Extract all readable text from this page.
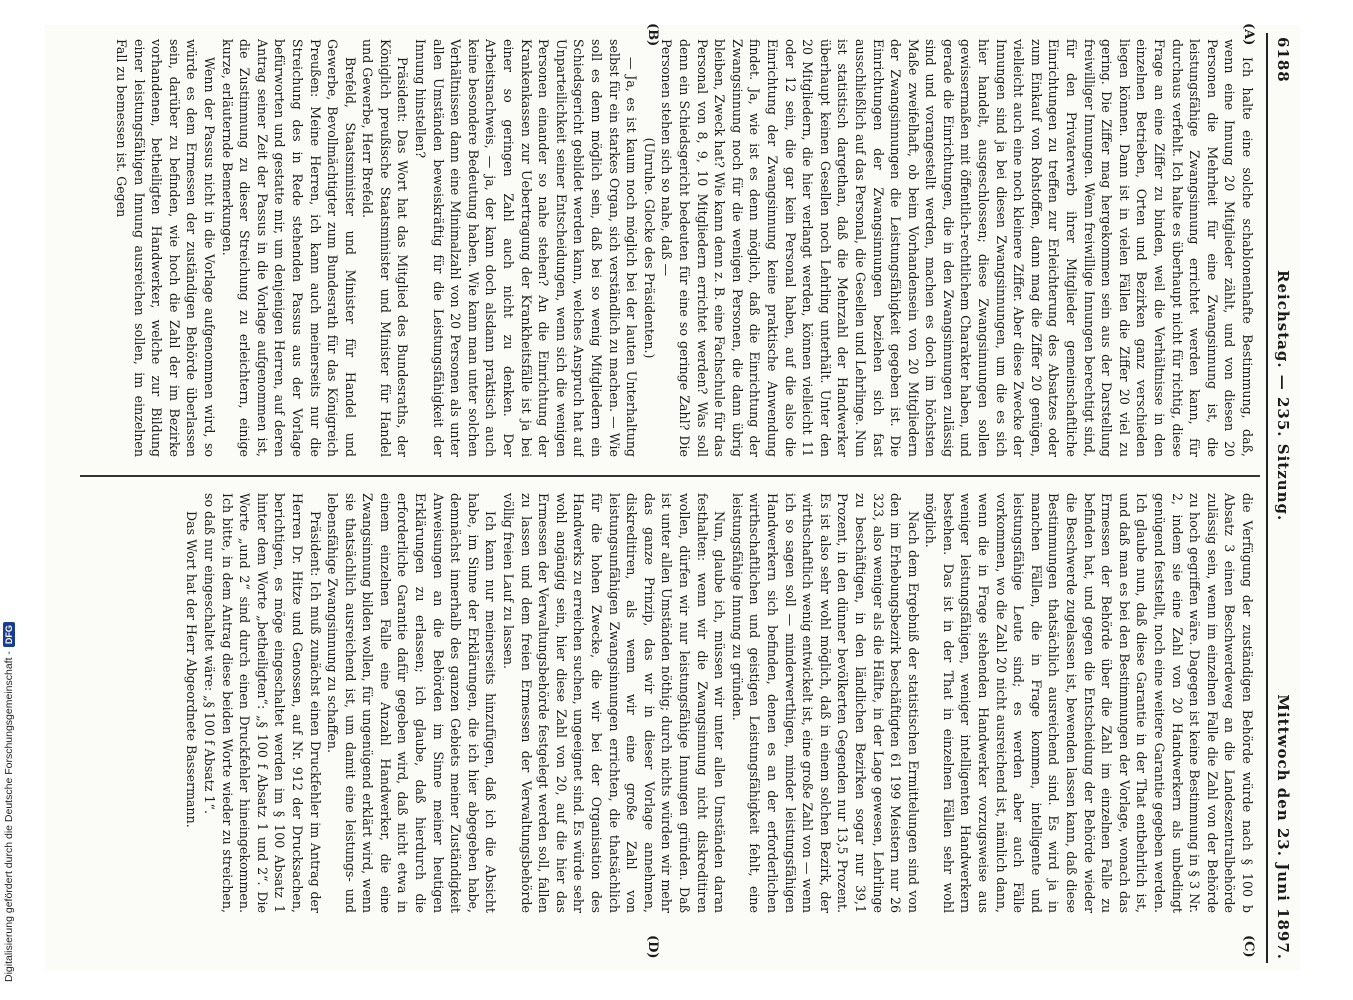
6188
Reichstag. — 235. Sitzung.
Mittwoch den 23. Juni 1897.
(A)
(B)
(C)
(D)

Ich halte eine solche schablonenhafte Bestimmung, daß, wenn eine Innung 20 Mitglieder zählt, und von diesen 20 Personen die Mehrheit für eine Zwangsinnung ist, die leistungsfähige Zwangsinnung errichtet werden kann, für durchaus verfehlt. Ich halte es überhaupt nicht für richtig, diese Frage an eine Ziffer zu binden, weil die Verhältnisse in den einzelnen Betrieben, Orten und Bezirken ganz verschieden liegen können. Dann ist in vielen Fällen die Ziffer 20 viel zu gering. Die Ziffer mag hergekommen sein aus der Darstellung freiwilliger Innungen. Wenn freiwillige Innungen berechtigt sind, für den Privaterwerb ihrer Mitglieder gemeinschaftliche Einrichtungen zu treffen zur Erleichterung des Absatzes oder zum Einkauf von Rohstoffen, dann mag die Ziffer 20 genügen, vielleicht auch eine noch kleinere Ziffer. Aber diese Zwecke der Innungen sind ja bei diesen Zwangsinnungen, um die es sich hier handelt, ausgeschlossen; diese Zwangsinnungen sollen gewissermaßen mit öffentlich-rechtlichem Charakter haben, und gerade die Einrichtungen, die in den Zwangsinnungen zulässig sind und vorangestellt werden, machen es doch im höchsten Maße zweifelhaft, ob beim Vorhandensein von 20 Mitgliedern der Zwangsinnungen die Leistungsfähigkeit gegeben ist. Die Einrichtungen der Zwangsinnungen beziehen sich fast ausschließlich auf das Personal, die Gesellen und Lehrlinge. Nun ist statistisch dargethan, daß die Mehrzahl der Handwerker überhaupt keinen Gesellen noch Lehrling unterhält. Unter den 20 Mitgliedern, die hier verlangt werden, können vielleicht 11 oder 12 sein, die gar kein Personal haben, auf die also die Einrichtung der Zwangsinnung keine praktische Anwendung findet. Ja, wie ist es denn möglich, daß die Einrichtung der Zwangsinnung noch für die wenigen Personen, die dann übrig bleiben, Zweck hat? Wie kann denn z. B. eine Fachschule für das Personal von 8, 9, 10 Mitgliedern errichtet werden? Was soll denn ein Schiedsgericht bedeuten für eine so geringe Zahl? Die Personen stehen sich so nahe, daß —

(Unruhe. Glocke des Präsidenten.)

— Ja, es ist kaum noch möglich bei der lauten Unterhaltung selbst für ein starkes Organ, sich verständlich zu machen. — Wie soll es denn möglich sein, daß bei so wenig Mitgliedern ein Schiedsgericht gebildet werden kann, welches Anspruch hat auf Unparteilichkeit seiner Entscheidungen, wenn sich die wenigen Personen einander so nahe stehen? An die Einrichtung der Krankenkassen zur Uebertragung der Krankheitsfälle ist ja bei einer so geringen Zahl auch nicht zu denken. Der Arbeitsnachweis, — ja, der kann doch alsdann praktisch auch keine besondere Bedeutung haben. Wie kann man unter solchen Verhältnissen dann eine Minimalzahl von 20 Personen als unter allen Umständen beweiskräftig für die Leistungsfähigkeit der Innung hinstellen?

Präsident: Das Wort hat das Mitglied des Bundesraths, der Königlich preußische Staatsminister und Minister für Handel und Gewerbe, Herr Brefeld.

Brefeld, Staatsminister und Minister für Handel und Gewerbe, Bevollmächtigter zum Bundesrath für das Königreich Preußen: Meine Herren, ich kann auch meinerseits nur die Streichung des in Rede stehenden Passus aus der Vorlage befürworten und gestatte mir, um denjenigen Herren, auf deren Antrag seiner Zeit der Passus in die Vorlage aufgenommen ist, die Zustimmung zu dieser Streichung zu erleichtern, einige kurze, erläuternde Bemerkungen.

Wenn der Passus nicht in die Vorlage aufgenommen wird, so würde es dem Ermessen der zuständigen Behörde überlassen sein, darüber zu befinden, wie hoch die Zahl der im Bezirke vorhandenen, betheiligten Handwerker, welche zur Bildung einer leistungsfähigen Innung ausreichen sollen, im einzelnen Fall zu bemessen ist. Gegen

die Verfügung der zuständigen Behörde würde nach § 100 b Absatz 3 einen Beschwerdeweg an die Landeszentralbehörde zulässig sein, wenn im einzelnen Falle die Zahl von der Behörde zu hoch gegriffen wäre. Dagegen ist keine Bestimmung in § 3 Nr. 2, indem sie eine Zahl von 20 Handwerkern als unbedingt genügend feststellt, noch eine weitere Garantie gegeben werden. Ich glaube nun, daß diese Garantie in der That entbehrlich ist, und daß man es bei den Bestimmungen der Vorlage, wonach das Ermessen der Behörde über die Zahl im einzelnen Falle zu befinden hat, und gegen die Entscheidung der Behörde wieder die Beschwerde zugelassen ist, bewenden lassen kann, daß diese Bestimmungen thatsächlich ausreichend sind. Es wird ja in manchen Fällen, die in Frage kommen, intelligente und leistungsfähige Leute sind; es werden aber auch Fälle vorkommen, wo die Zahl 20 nicht ausreichend ist, nämlich dann, wenn die in Frage stehenden Handwerker vorzugsweise aus weniger leistungsfähigen, weniger intelligenten Handwerkern bestehen. Das ist in der That in einzelnen Fällen sehr wohl möglich.

Nach dem Ergebniß der statistischen Ermittelungen sind von den im Erhebungsbezirk beschäftigten 61 199 Meistern nur 26 323, also weniger als die Hälfte, in der Lage gewesen, Lehrlinge zu beschäftigen, in den ländlichen Bezirken sogar nur 39,1 Prozent, in den dünner bevölkerten Gegenden nur 13,5 Prozent. Es ist also sehr wohl möglich, daß in einem solchen Bezirk, der wirthschaftlich wenig entwickelt ist, eine große Zahl von — wenn ich so sagen soll — minderwerthigen, minder leistungsfähigen Handwerkern sich befinden, denen es an der erforderlichen wirthschaftlichen und geistigen Leistungsfähigkeit fehlt, eine leistungsfähige Innung zu gründen.

Nun, glaube ich, müssen wir unter allen Umständen daran festhalten: wenn wir die Zwangsinnung nicht diskreditiren wollen, dürfen wir nur leistungsfähige Innungen gründen. Daß ist unter allen Umständen nöthig; durch nichts würden wir mehr das ganze Prinzip, das wir in dieser Vorlage annehmen, diskreditiren, als wenn wir eine große Zahl von leistungsunfähigen Zwangsinnungen errichten, die thatsächlich für die hohen Zwecke, die wir bei der Organisation des Handwerks zu erreichen suchen, ungeeignet sind. Es würde sehr wohl angängig sein, hier diese Zahl von 20, auf die hier das Ermessen der Verwaltungsbehörde festgelegt werden soll, fallen zu lassen und dem freien Ermessen der Verwaltungsbehörde völlig freien Lauf zu lassen.

Ich kann nur meinerseits hinzufügen, daß ich die Absicht habe, im Sinne der Erklärungen, die ich hier abgegeben habe, demnächst innerhalb des ganzen Gebiets meiner Zuständigkeit Anweisungen an die Behörden im Sinne meiner heutigen Erklärungen zu erlassen; ich glaube, daß hierdurch die erforderliche Garantie dafür gegeben wird, daß nicht etwa in einem einzelnen Falle eine Anzahl Handwerker, die eine Zwangsinnung bilden wollen, für ungenügend erklärt wird, wenn sie thatsächlich ausreichend ist, um damit eine leistungs- und lebensfähige Zwangsinnung zu schaffen.

Präsident: Ich muß zunächst einen Druckfehler im Antrag der Herren Dr. Hitze und Genossen, auf Nr. 912 der Drucksachen, berichtigen, es möge eingeschaltet werden im § 100 Absatz 1 hinter dem Worte „betheiligten“: „§ 100 f Absatz 1 und 2“. Die Worte „und 2“ sind durch einen Druckfehler hineingekommen. Ich bitte, in dem Antrag diese beiden Worte wieder zu streichen, so daß nur eingeschaltet wäre: „§ 100 f Absatz 1“.

Das Wort hat der Herr Abgeordnete Bassermann.

Digitalisierung gefördert durch die Deutsche Forschungsgemeinschaft -
DFG
